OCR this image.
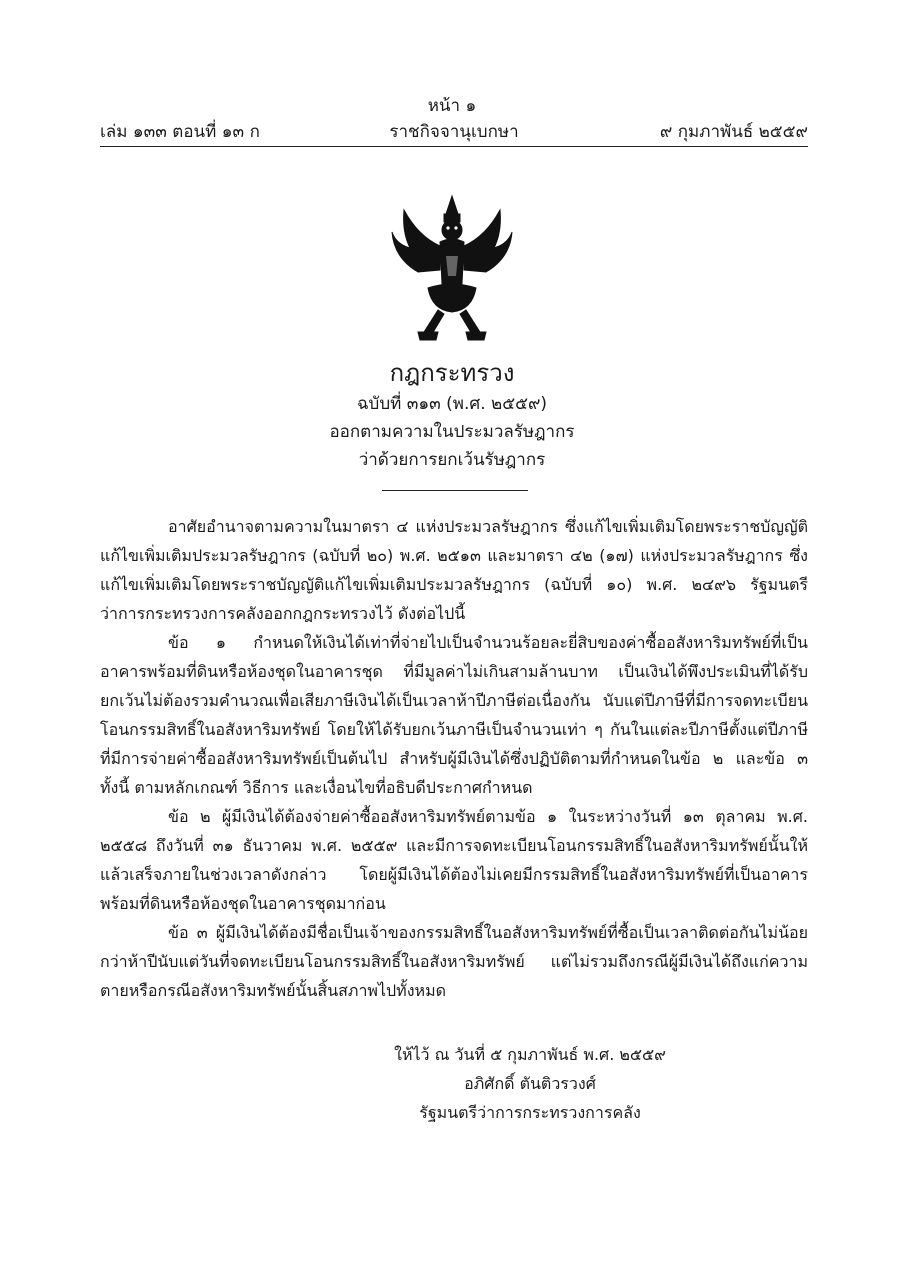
หน้า ๑
ราชกิจจานุเบกษา
เล่ม ๑๓๓ ตอนที่ ๑๓ ก	๙ กุมภาพันธ์ ๒๕๕๙
กฎกระทรวง
ฉบับที่ ๓๑๓ (พ.ศ. ๒๕๕๙)
ออกตามความในประมวลรัษฎากร
ว่าด้วยการยกเว้นรัษฎากร

อาศัยอำนาจตามความในมาตรา ๔ แห่งประมวลรัษฎากร ซึ่งแก้ไขเพิ่มเติมโดยพระราชบัญญัติแก้ไขเพิ่มเติมประมวลรัษฎากร (ฉบับที่ ๒๐) พ.ศ. ๒๕๑๓ และมาตรา ๔๒ (๑๗) แห่งประมวลรัษฎากร ซึ่งแก้ไขเพิ่มเติมโดยพระราชบัญญัติแก้ไขเพิ่มเติมประมวลรัษฎากร (ฉบับที่ ๑๐) พ.ศ. ๒๔๙๖ รัฐมนตรีว่าการกระทรวงการคลังออกกฎกระทรวงไว้ ดังต่อไปนี้

ข้อ ๑ กำหนดให้เงินได้เท่าที่จ่ายไปเป็นจำนวนร้อยละยี่สิบของค่าซื้ออสังหาริมทรัพย์ที่เป็นอาคารพร้อมที่ดินหรือห้องชุดในอาคารชุด ที่มีมูลค่าไม่เกินสามล้านบาท เป็นเงินได้พึงประเมินที่ได้รับยกเว้นไม่ต้องรวมคำนวณเพื่อเสียภาษีเงินได้เป็นเวลาห้าปีภาษีต่อเนื่องกัน นับแต่ปีภาษีที่มีการจดทะเบียนโอนกรรมสิทธิ์ในอสังหาริมทรัพย์ โดยให้ได้รับยกเว้นภาษีเป็นจำนวนเท่า ๆ กันในแต่ละปีภาษีตั้งแต่ปีภาษีที่มีการจ่ายค่าซื้ออสังหาริมทรัพย์เป็นต้นไป สำหรับผู้มีเงินได้ซึ่งปฏิบัติตามที่กำหนดในข้อ ๒ และข้อ ๓ ทั้งนี้ ตามหลักเกณฑ์ วิธีการ และเงื่อนไขที่อธิบดีประกาศกำหนด

ข้อ ๒ ผู้มีเงินได้ต้องจ่ายค่าซื้ออสังหาริมทรัพย์ตามข้อ ๑ ในระหว่างวันที่ ๑๓ ตุลาคม พ.ศ. ๒๕๕๘ ถึงวันที่ ๓๑ ธันวาคม พ.ศ. ๒๕๕๙ และมีการจดทะเบียนโอนกรรมสิทธิ์ในอสังหาริมทรัพย์นั้นให้แล้วเสร็จภายในช่วงเวลาดังกล่าว โดยผู้มีเงินได้ต้องไม่เคยมีกรรมสิทธิ์ในอสังหาริมทรัพย์ที่เป็นอาคารพร้อมที่ดินหรือห้องชุดในอาคารชุดมาก่อน

ข้อ ๓ ผู้มีเงินได้ต้องมีชื่อเป็นเจ้าของกรรมสิทธิ์ในอสังหาริมทรัพย์ที่ซื้อเป็นเวลาติดต่อกันไม่น้อยกว่าห้าปีนับแต่วันที่จดทะเบียนโอนกรรมสิทธิ์ในอสังหาริมทรัพย์ แต่ไม่รวมถึงกรณีผู้มีเงินได้ถึงแก่ความตายหรือกรณีอสังหาริมทรัพย์นั้นสิ้นสภาพไปทั้งหมด

ให้ไว้ ณ วันที่ ๕ กุมภาพันธ์ พ.ศ. ๒๕๕๙
อภิศักดิ์ ตันติวรวงศ์
รัฐมนตรีว่าการกระทรวงการคลัง
